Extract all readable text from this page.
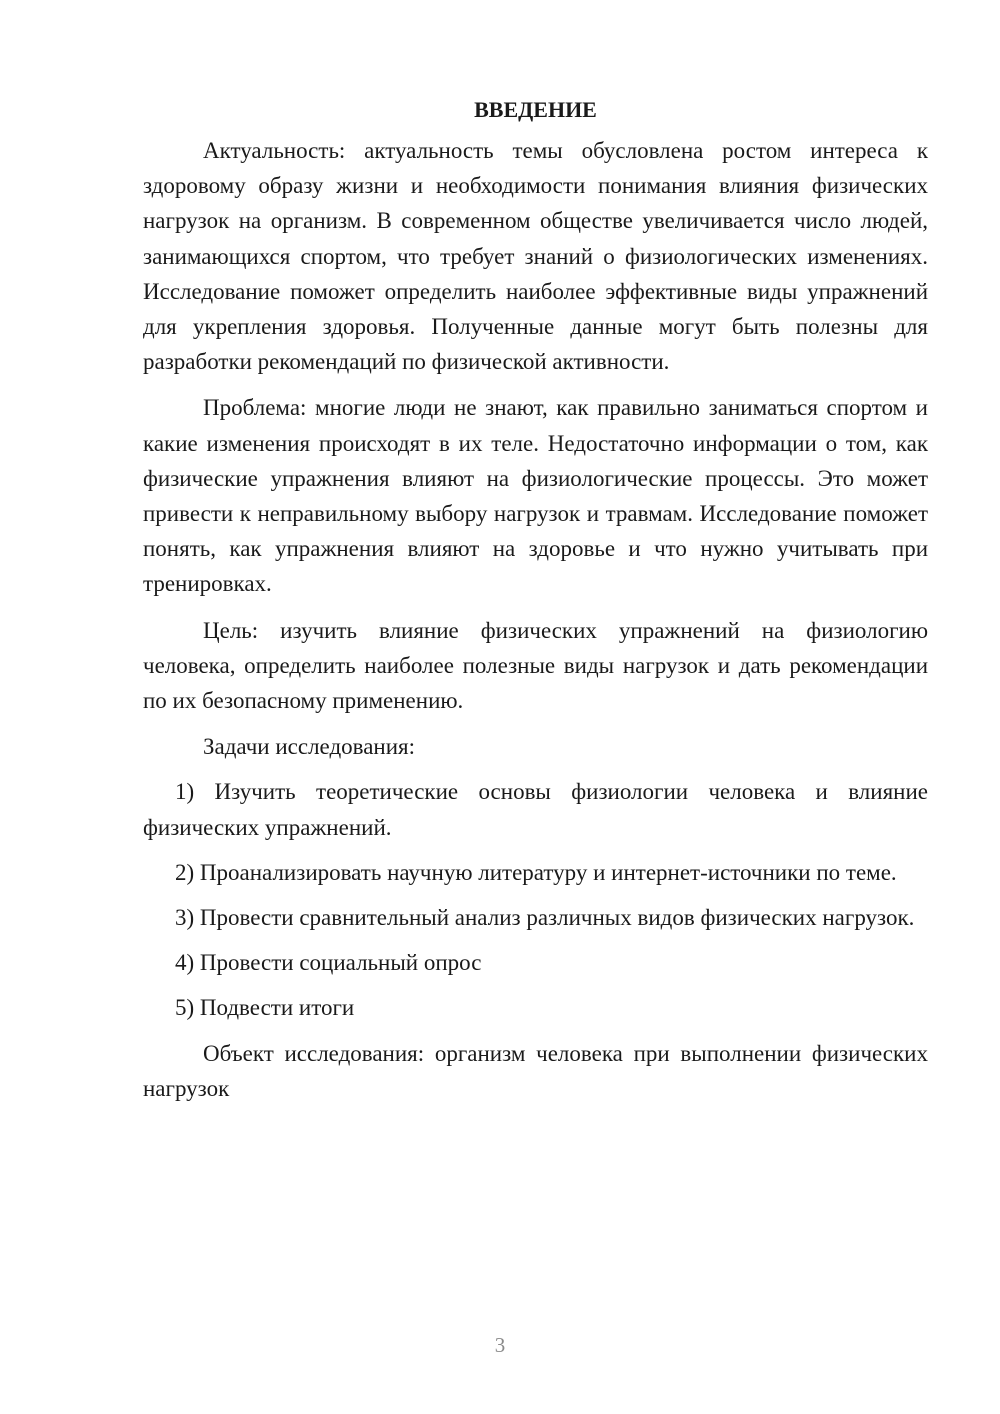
ВВЕДЕНИЕ

Актуальность: актуальность темы обусловлена ростом интереса к здоровому образу жизни и необходимости понимания влияния физических нагрузок на организм. В современном обществе увеличивается число людей, занимающихся спортом, что требует знаний о физиологических изменениях. Исследование поможет определить наиболее эффективные виды упражнений для укрепления здоровья. Полученные данные могут быть полезны для разработки рекомендаций по физической активности.

Проблема: многие люди не знают, как правильно заниматься спортом и какие изменения происходят в их теле. Недостаточно информации о том, как физические упражнения влияют на физиологические процессы. Это может привести к неправильному выбору нагрузок и травмам. Исследование поможет понять, как упражнения влияют на здоровье и что нужно учитывать при тренировках.

Цель: изучить влияние физических упражнений на физиологию человека, определить наиболее полезные виды нагрузок и дать рекомендации по их безопасному применению.

Задачи исследования:

1) Изучить теоретические основы физиологии человека и влияние физических упражнений.

2) Проанализировать научную литературу и интернет-источники по теме.

3) Провести сравнительный анализ различных видов физических нагрузок.

4) Провести социальный опрос

5) Подвести итоги

Объект исследования: организм человека при выполнении физических нагрузок

3
